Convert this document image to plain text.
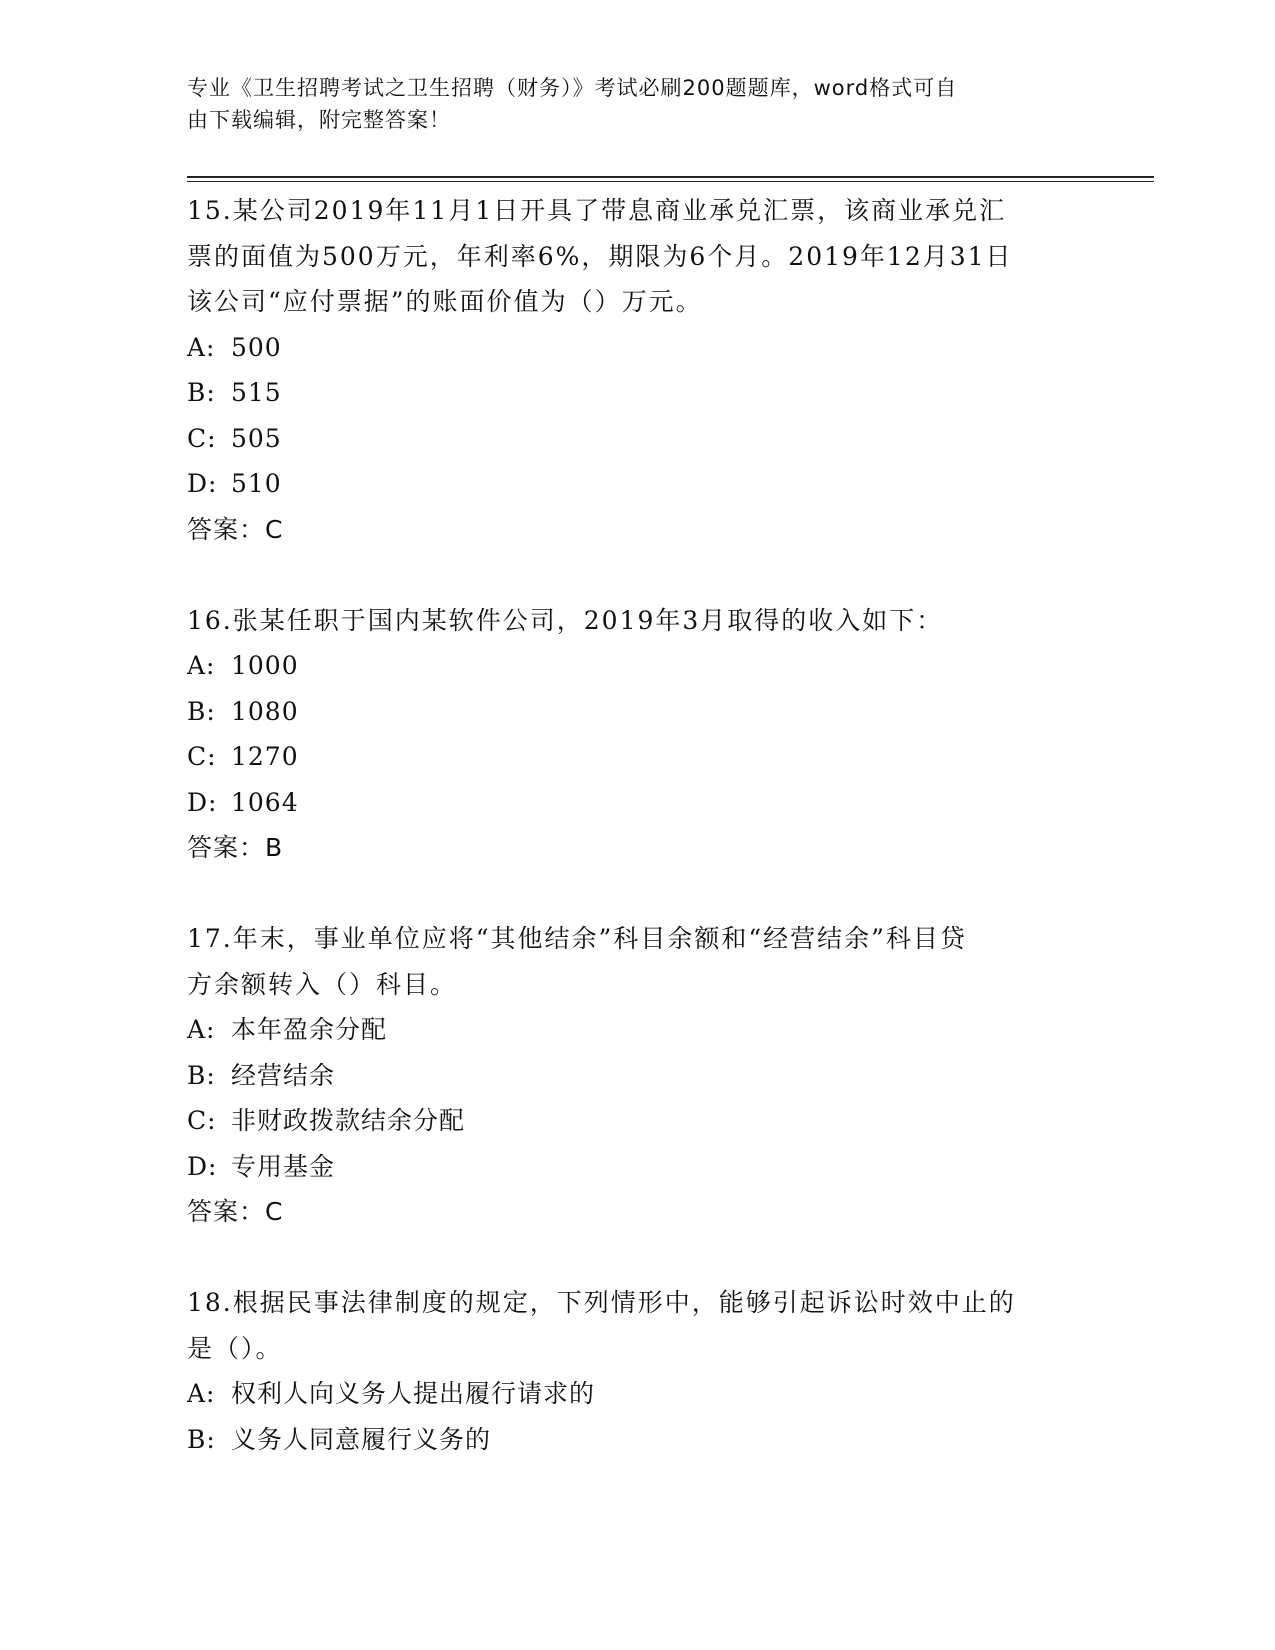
专业《卫生招聘考试之卫生招聘（财务）》考试必刷200题题库，word格式可自
由下载编辑，附完整答案！

15.某公司2019年11月1日开具了带息商业承兑汇票，该商业承兑汇

票的面值为500万元，年利率6%，期限为6个月。2019年12月31日

该公司“应付票据”的账面价值为（）万元。

A: 500

B: 515

C: 505

D: 510

答案：C

16.张某任职于国内某软件公司，2019年3月取得的收入如下：

A: 1000

B: 1080

C: 1270

D: 1064

答案：B

17.年末，事业单位应将“其他结余”科目余额和“经营结余”科目贷

方余额转入（）科目。

A: 本年盈余分配

B: 经营结余

C: 非财政拨款结余分配

D: 专用基金

答案：C

18.根据民事法律制度的规定，下列情形中，能够引起诉讼时效中止的

是（）。

A: 权利人向义务人提出履行请求的

B: 义务人同意履行义务的
